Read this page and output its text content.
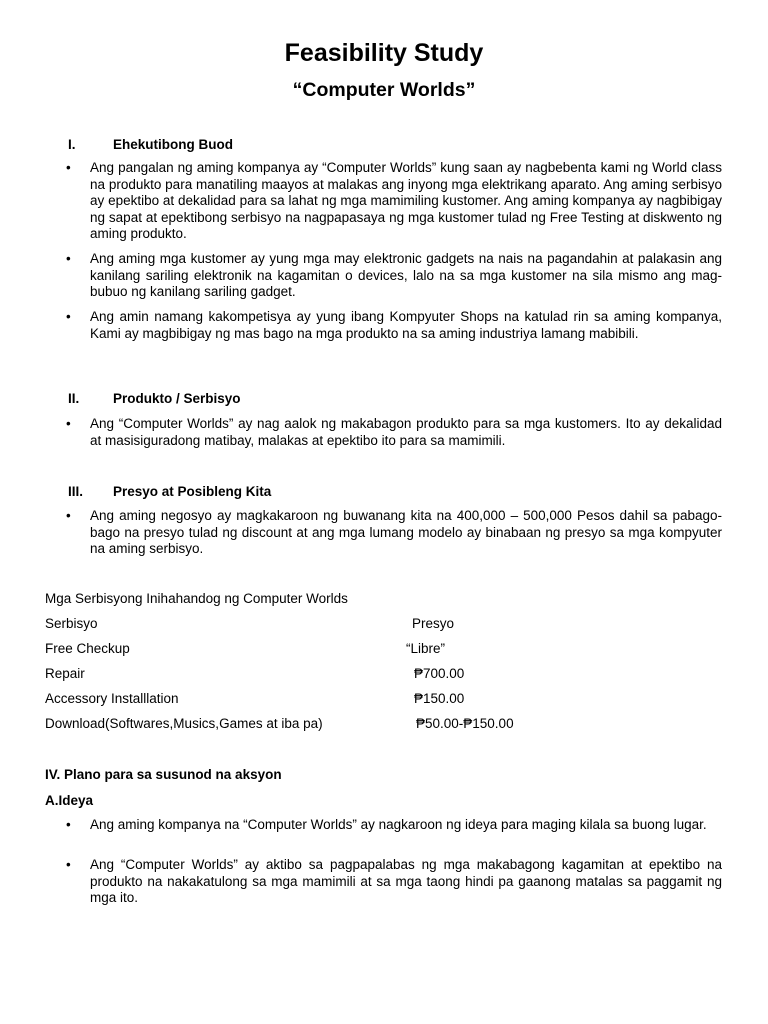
Feasibility Study
“Computer Worlds”
I.	Ehekutibong Buod
• Ang pangalan ng aming kompanya ay “Computer Worlds” kung saan ay nagbebenta kami ng World class na produkto para manatiling maayos at malakas ang inyong mga elektrikang aparato. Ang aming serbisyo ay epektibo at dekalidad para sa lahat ng mga mamimiling kustomer. Ang aming kompanya ay nagbibigay ng sapat at epektibong serbisyo na nagpapasaya ng mga kustomer tulad ng Free Testing at diskwento ng aming produkto.
• Ang aming mga kustomer ay yung mga may elektronic gadgets na nais na pagandahin at palakasin ang kanilang sariling elektronik na kagamitan o devices, lalo na sa mga kustomer na sila mismo ang mag-bubuo ng kanilang sariling gadget.
• Ang amin namang kakompetisya ay yung ibang Kompyuter Shops na katulad rin sa aming kompanya, Kami ay magbibigay ng mas bago na mga produkto na sa aming industriya lamang mabibili.
II. Produkto / Serbisyo
• Ang “Computer Worlds” ay nag aalok ng makabagon produkto para sa mga kustomers. Ito ay dekalidad at masisiguradong matibay, malakas at epektibo ito para sa mamimili.
III. Presyo at Posibleng Kita
• Ang aming negosyo ay magkakaroon ng buwanang kita na 400,000 – 500,000 Pesos dahil sa pabago-bago na presyo tulad ng discount at ang mga lumang modelo ay binabaan ng presyo sa mga kompyuter na aming serbisyo.
Mga Serbisyong Inihahandog ng Computer Worlds
Serbisyo	Presyo
Free Checkup	“Libre”
Repair	₱700.00
Accessory Installlation	₱150.00
Download(Softwares,Musics,Games at iba pa)	₱50.00-₱150.00
IV. Plano para sa susunod na aksyon
A.Ideya
• Ang aming kompanya na “Computer Worlds” ay nagkaroon ng ideya para maging kilala sa buong lugar.
• Ang “Computer Worlds” ay aktibo sa pagpapalabas ng mga makabagong kagamitan at epektibo na produkto na nakakatulong sa mga mamimili at sa mga taong hindi pa gaanong matalas sa paggamit ng mga ito.
